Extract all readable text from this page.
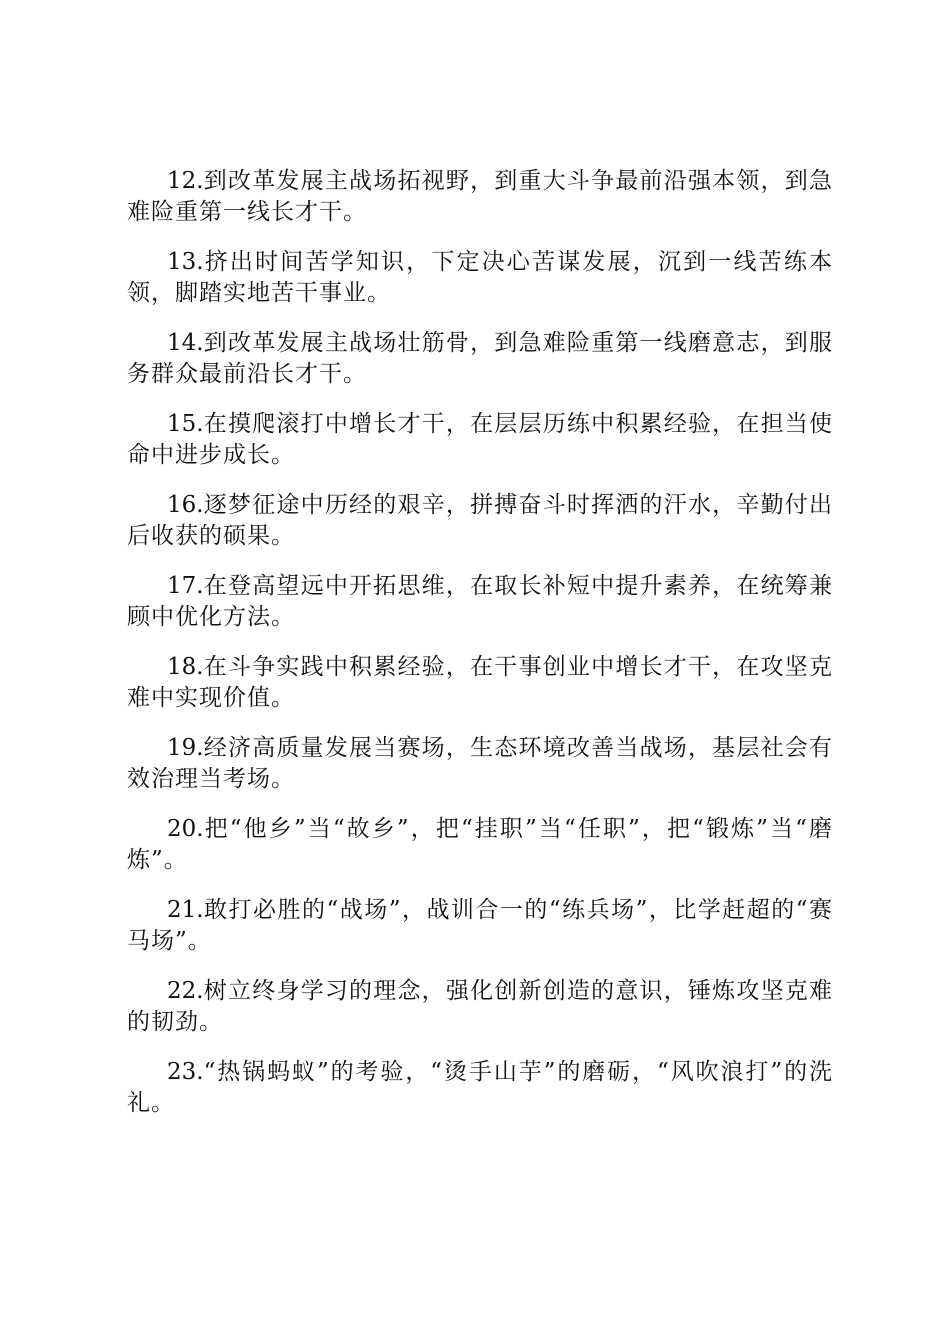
12.到改革发展主战场拓视野，到重大斗争最前沿强本领，到急难险重第一线长才干。

13.挤出时间苦学知识，下定决心苦谋发展，沉到一线苦练本领，脚踏实地苦干事业。

14.到改革发展主战场壮筋骨，到急难险重第一线磨意志，到服务群众最前沿长才干。

15.在摸爬滚打中增长才干，在层层历练中积累经验，在担当使命中进步成长。

16.逐梦征途中历经的艰辛，拼搏奋斗时挥洒的汗水，辛勤付出后收获的硕果。

17.在登高望远中开拓思维，在取长补短中提升素养，在统筹兼顾中优化方法。

18.在斗争实践中积累经验，在干事创业中增长才干，在攻坚克难中实现价值。

19.经济高质量发展当赛场，生态环境改善当战场，基层社会有效治理当考场。

20.把“他乡”当“故乡”，把“挂职”当“任职”，把“锻炼”当“磨炼”。

21.敢打必胜的“战场”，战训合一的“练兵场”，比学赶超的“赛马场”。

22.树立终身学习的理念，强化创新创造的意识，锤炼攻坚克难的韧劲。

23.“热锅蚂蚁”的考验，“烫手山芋”的磨砺，“风吹浪打”的洗礼。
